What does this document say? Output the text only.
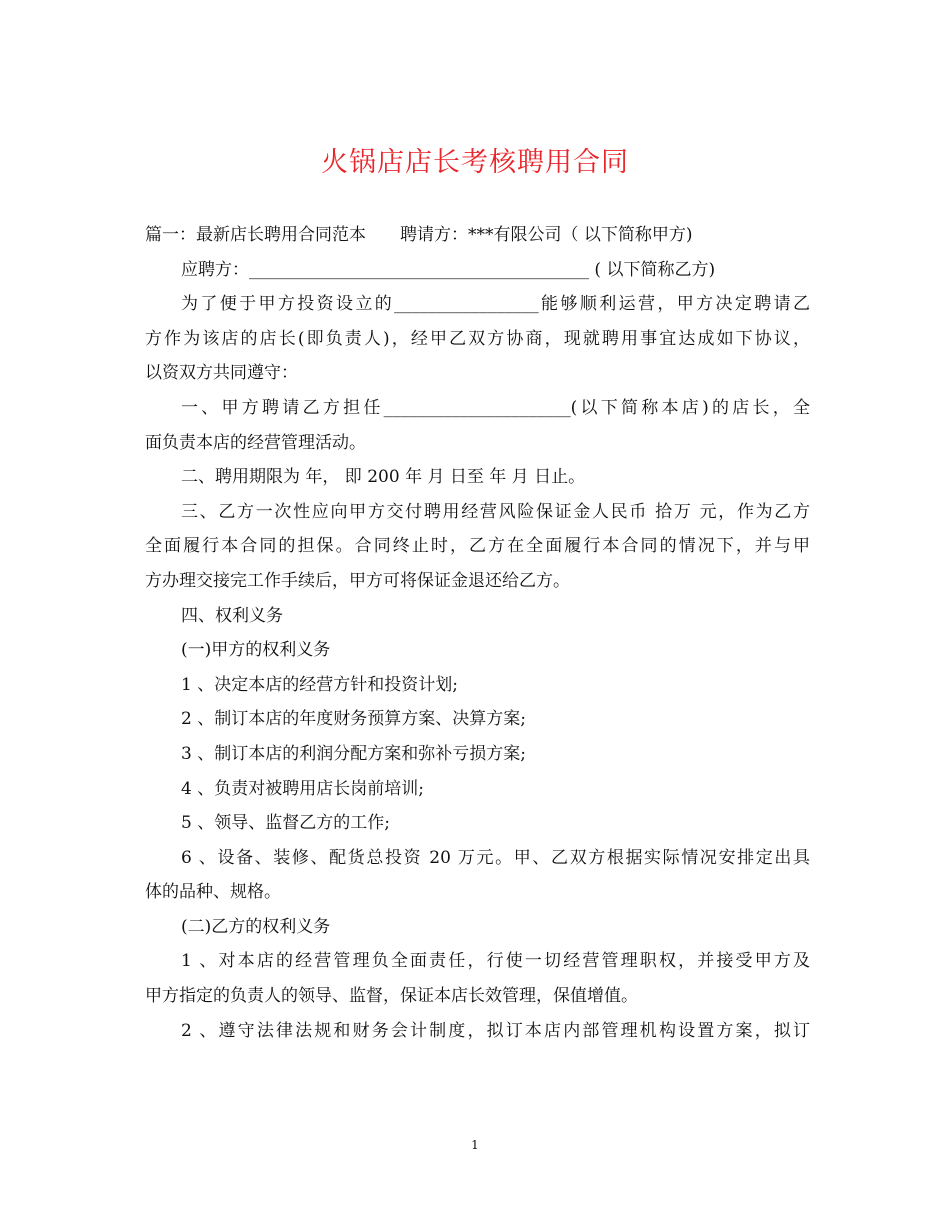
火锅店店长考核聘用合同
篇一：最新店长聘用合同范本　　聘请方：***有限公司（ 以下简称甲方)
应聘方：________________________________________ ( 以下简称乙方)
为了便于甲方投资设立的_________________能够顺利运营，甲方决定聘请乙
方作为该店的店长(即负责人)，经甲乙双方协商，现就聘用事宜达成如下协议，
以资双方共同遵守：
一、甲方聘请乙方担任______________________(以下简称本店)的店长，全
面负责本店的经营管理活动。
二、聘用期限为 年， 即 200 年 月 日至 年 月 日止。
三、乙方一次性应向甲方交付聘用经营风险保证金人民币 拾万 元，作为乙方
全面履行本合同的担保。合同终止时，乙方在全面履行本合同的情况下，并与甲
方办理交接完工作手续后，甲方可将保证金退还给乙方。
四、权利义务
(一)甲方的权利义务
1 、决定本店的经营方针和投资计划;
2 、制订本店的年度财务预算方案、决算方案;
3 、制订本店的利润分配方案和弥补亏损方案;
4 、负责对被聘用店长岗前培训;
5 、领导、监督乙方的工作;
6 、设备、装修、配货总投资 20 万元。甲、乙双方根据实际情况安排定出具
体的品种、规格。
(二)乙方的权利义务
1 、对本店的经营管理负全面责任，行使一切经营管理职权，并接受甲方及
甲方指定的负责人的领导、监督，保证本店长效管理，保值增值。
2 、遵守法律法规和财务会计制度，拟订本店内部管理机构设置方案，拟订
1
